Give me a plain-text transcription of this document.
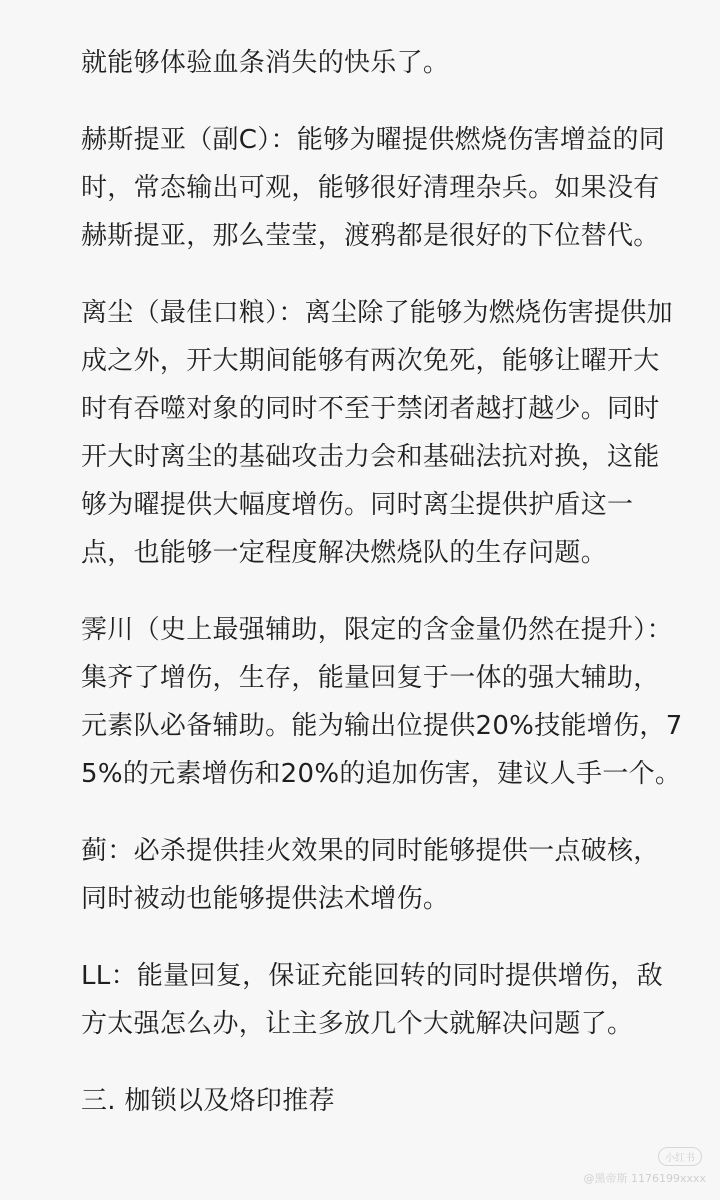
就能够体验血条消失的快乐了。

赫斯提亚（副C）：能够为曜提供燃烧伤害增益的同时，常态输出可观，能够很好清理杂兵。如果没有赫斯提亚，那么莹莹，渡鸦都是很好的下位替代。

离尘（最佳口粮）：离尘除了能够为燃烧伤害提供加成之外，开大期间能够有两次免死，能够让曜开大时有吞噬对象的同时不至于禁闭者越打越少。同时开大时离尘的基础攻击力会和基础法抗对换，这能够为曜提供大幅度增伤。同时离尘提供护盾这一点，也能够一定程度解决燃烧队的生存问题。

霁川（史上最强辅助，限定的含金量仍然在提升）：集齐了增伤，生存，能量回复于一体的强大辅助，元素队必备辅助。能为输出位提供20%技能增伤，75%的元素增伤和20%的追加伤害，建议人手一个。

蓟：必杀提供挂火效果的同时能够提供一点破核，同时被动也能够提供法术增伤。

LL：能量回复，保证充能回转的同时提供增伤，敌方太强怎么办，让主多放几个大就解决问题了。

三. 枷锁以及烙印推荐

小红书
@黑帝斯 1176199xxxx
